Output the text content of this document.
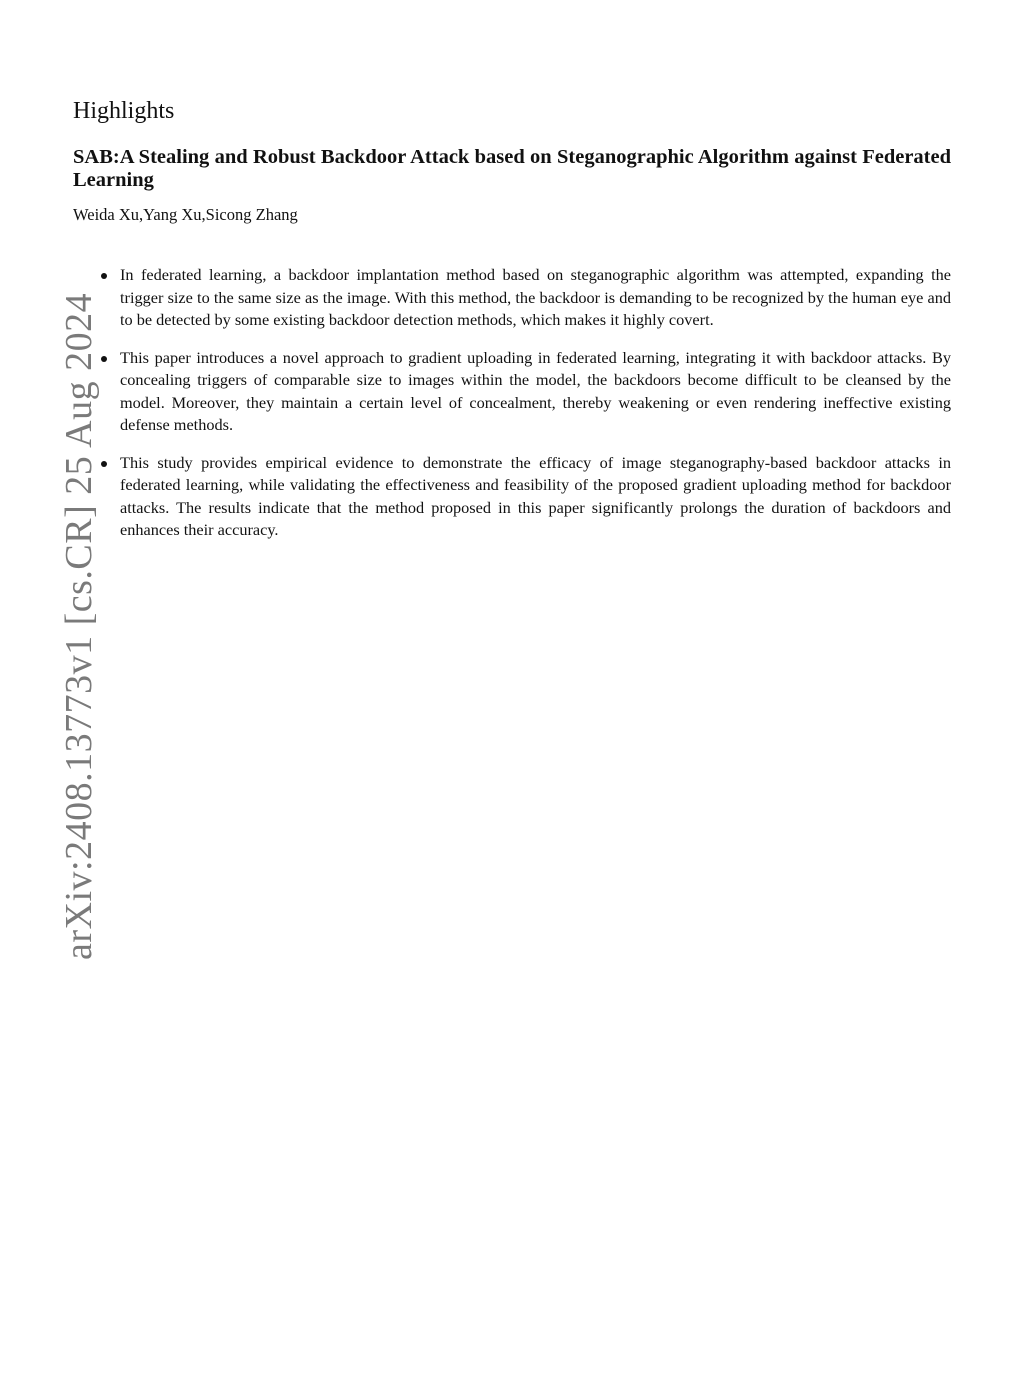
arXiv:2408.13773v1 [cs.CR] 25 Aug 2024
Highlights
SAB:A Stealing and Robust Backdoor Attack based on Steganographic Algorithm against Federated Learning
Weida Xu,Yang Xu,Sicong Zhang
In federated learning, a backdoor implantation method based on steganographic algorithm was attempted, expanding the trigger size to the same size as the image. With this method, the backdoor is demanding to be recognized by the human eye and to be detected by some existing backdoor detection methods, which makes it highly covert.
This paper introduces a novel approach to gradient uploading in federated learning, integrating it with backdoor attacks. By concealing triggers of comparable size to images within the model, the backdoors become difficult to be cleansed by the model. Moreover, they maintain a certain level of concealment, thereby weakening or even rendering ineffective existing defense methods.
This study provides empirical evidence to demonstrate the efficacy of image steganography-based backdoor attacks in federated learning, while validating the effectiveness and feasibility of the proposed gradient uploading method for backdoor attacks. The results indicate that the method proposed in this paper significantly prolongs the duration of backdoors and enhances their accuracy.
